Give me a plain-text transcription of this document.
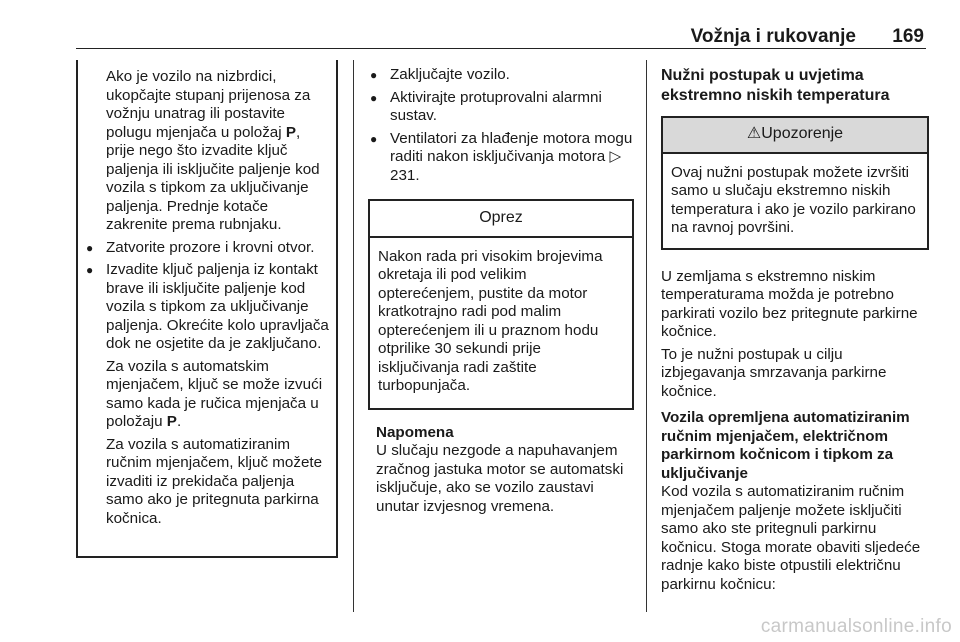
Vožnja i rukovanje 169

Ako je vozilo na nizbrdici, ukopčajte stupanj prijenosa za vožnju unatrag ili postavite polugu mjenjača u položaj P, prije nego što izvadite ključ paljenja ili isključite paljenje kod vozila s tipkom za uključivanje paljenja. Prednje kotače zakrenite prema rubnjaku.

● Zatvorite prozore i krovni otvor.
● Izvadite ključ paljenja iz kontakt brave ili isključite paljenje kod vozila s tipkom za uključivanje paljenja. Okrećite kolo upravljača dok ne osjetite da je zaključano.

Za vozila s automatskim mjenjačem, ključ se može izvući samo kada je ručica mjenjača u položaju P.

Za vozila s automatiziranim ručnim mjenjačem, ključ možete izvaditi iz prekidača paljenja samo ako je pritegnuta parkirna kočnica.

● Zaključajte vozilo.
● Aktivirajte protuprovalni alarmni sustav.
● Ventilatori za hlađenje motora mogu raditi nakon isključivanja motora ▷ 231.
Oprez
Nakon rada pri visokim brojevima okretaja ili pod velikim opterećenjem, pustite da motor kratkotrajno radi pod malim opterećenjem ili u praznom hodu otprilike 30 sekundi prije isključivanja radi zaštite turbopunjača.
Napomena
U slučaju nezgode a napuhavanjem zračnog jastuka motor se automatski isključuje, ako se vozilo zaustavi unutar izvjesnog vremena.
Nužni postupak u uvjetima ekstremno niskih temperatura
⚠Upozorenje
Ovaj nužni postupak možete izvršiti samo u slučaju ekstremno niskih temperatura i ako je vozilo parkirano na ravnoj površini.

U zemljama s ekstremno niskim temperaturama možda je potrebno parkirati vozilo bez pritegnute parkirne kočnice.

To je nužni postupak u cilju izbjegavanja smrzavanja parkirne kočnice.

Vozila opremljena automatiziranim ručnim mjenjačem, električnom parkirnom kočnicom i tipkom za uključivanje

Kod vozila s automatiziranim ručnim mjenjačem paljenje možete isključiti samo ako ste pritegnuli parkirnu kočnicu. Stoga morate obaviti sljedeće radnje kako biste otpustili električnu parkirnu kočnicu:

carmanualsonline.info
